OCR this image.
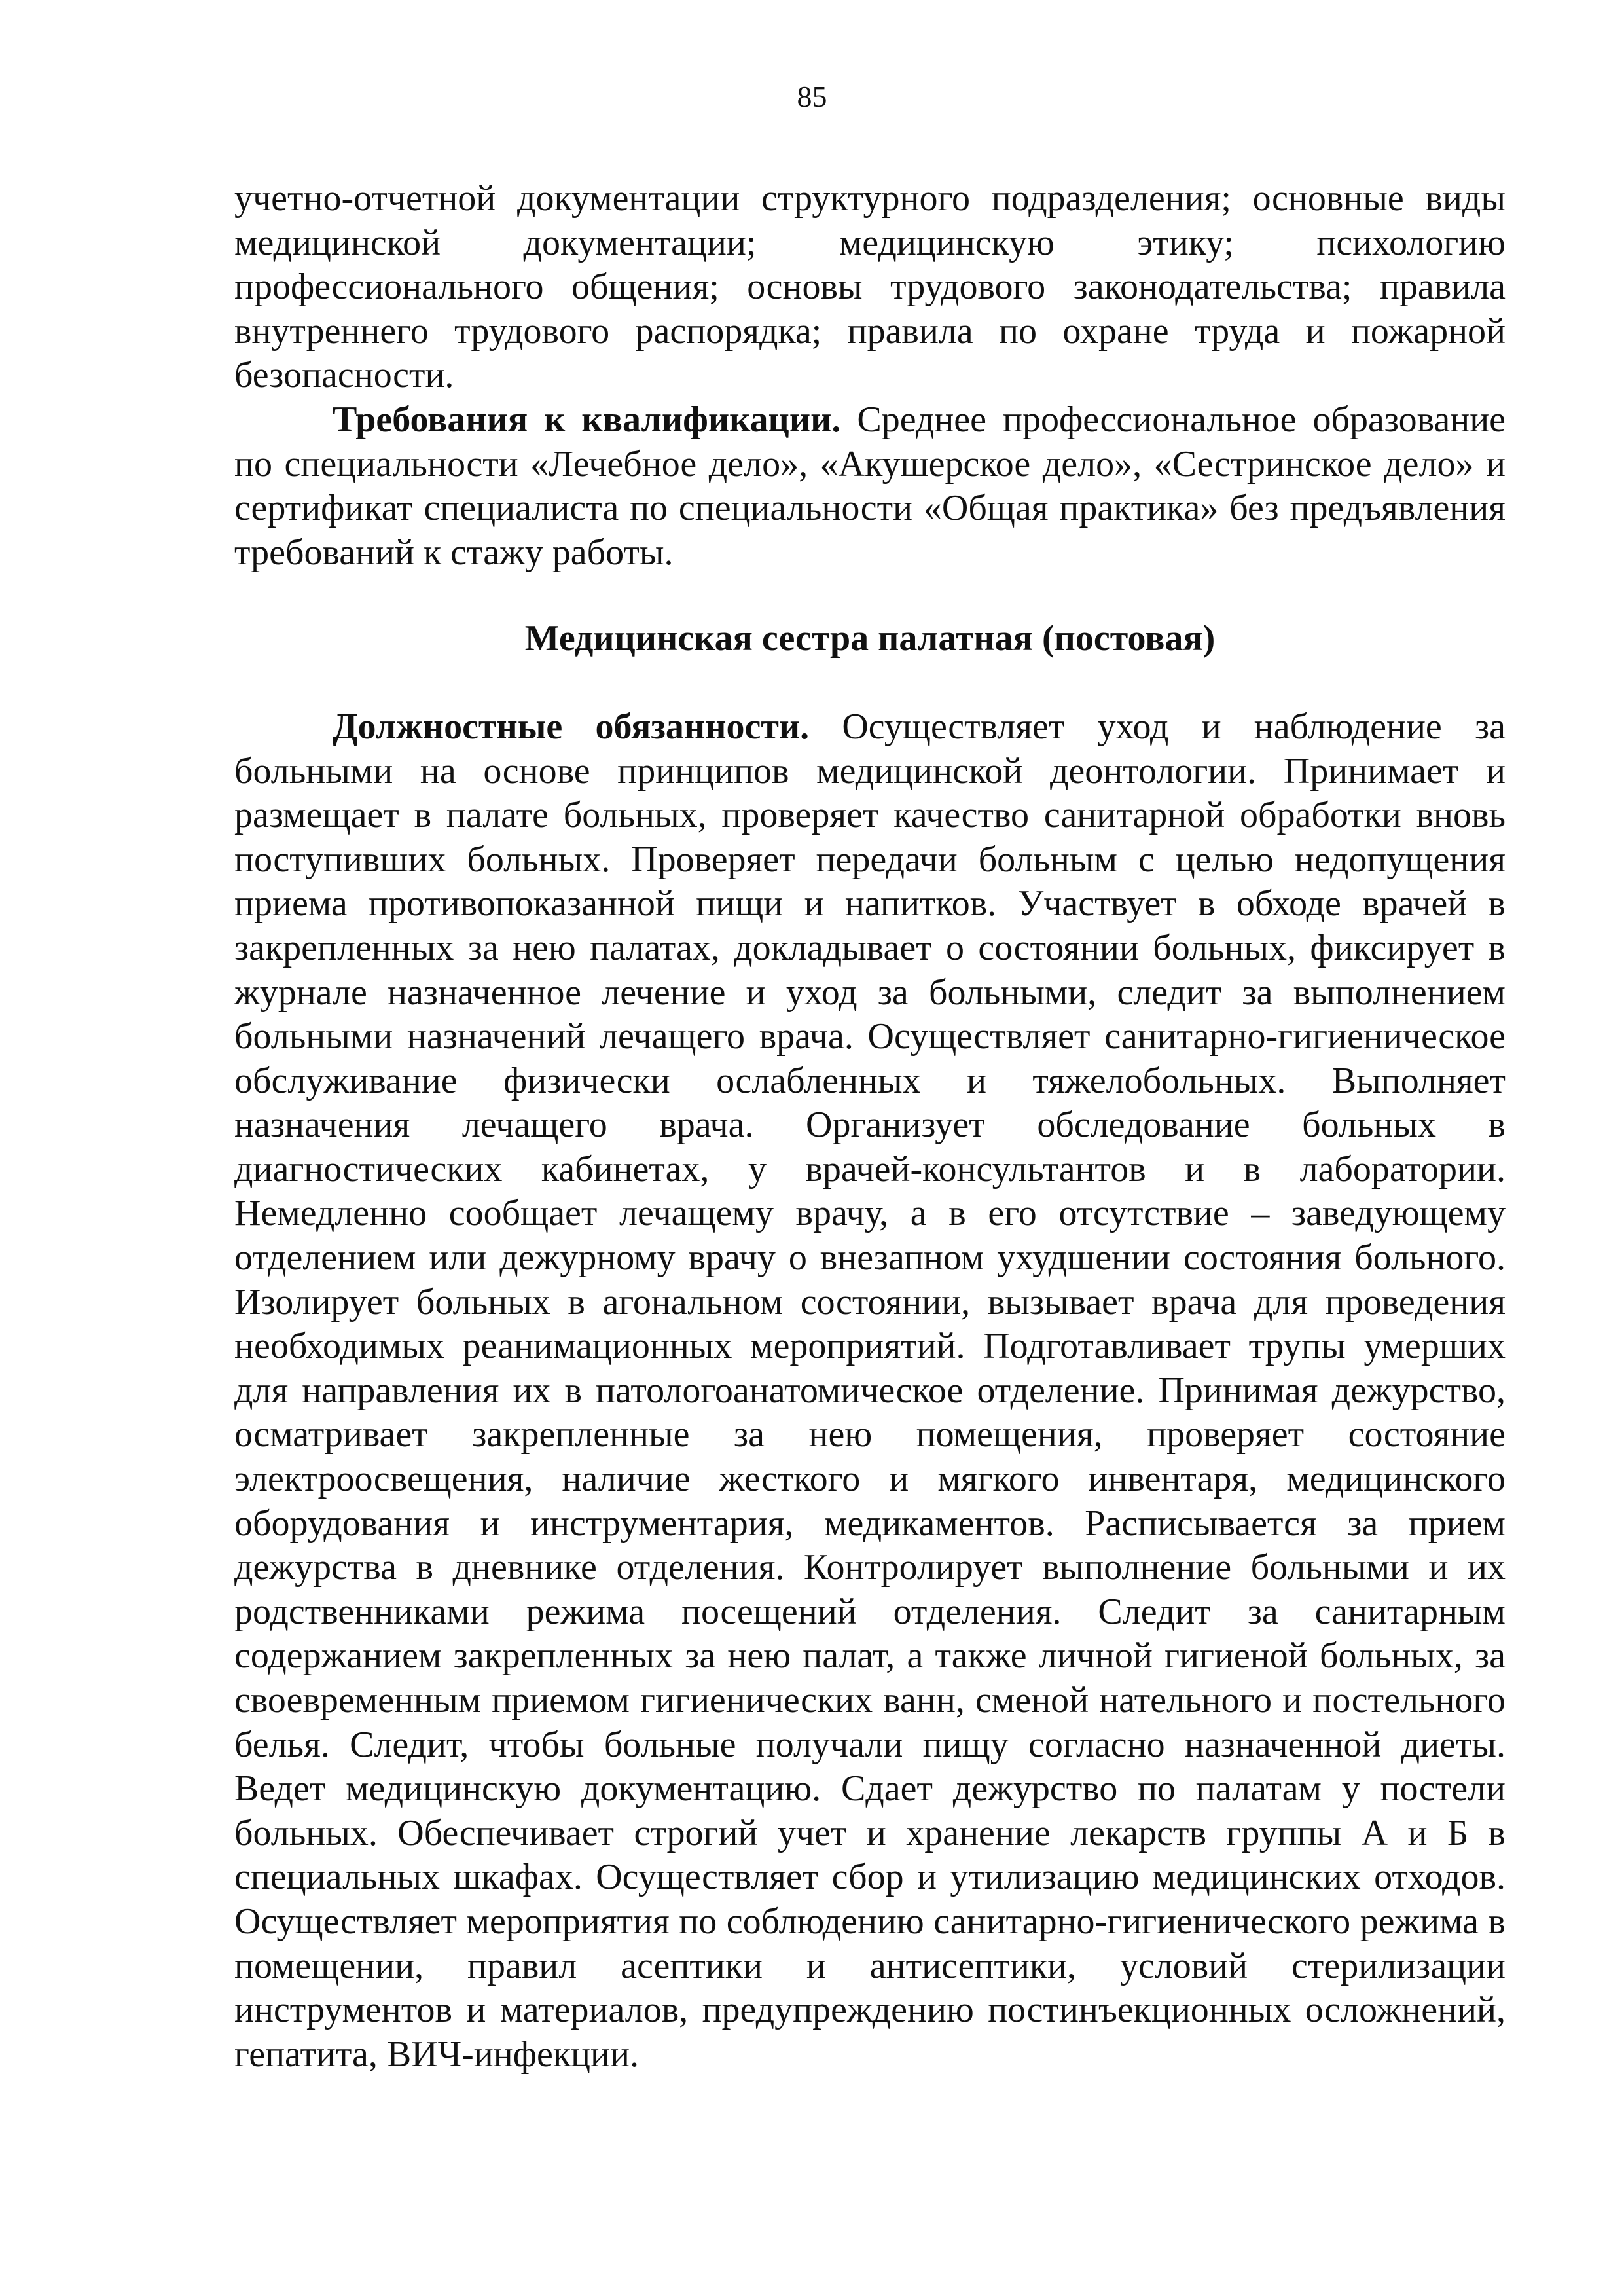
85

учетно-отчетной документации структурного подразделения; основные виды медицинской документации; медицинскую этику; психологию профессионального общения; основы трудового законодательства; правила внутреннего трудового распорядка; правила по охране труда и пожарной безопасности.

Требования к квалификации. Среднее профессиональное образование по специальности «Лечебное дело», «Акушерское дело», «Сестринское дело» и сертификат специалиста по специальности «Общая практика» без предъявления требований к стажу работы.

Медицинская сестра палатная (постовая)

Должностные обязанности. Осуществляет уход и наблюдение за больными на основе принципов медицинской деонтологии. Принимает и размещает в палате больных, проверяет качество санитарной обработки вновь поступивших больных. Проверяет передачи больным с целью недопущения приема противопоказанной пищи и напитков. Участвует в обходе врачей в закрепленных за нею палатах, докладывает о состоянии больных, фиксирует в журнале назначенное лечение и уход за больными, следит за выполнением больными назначений лечащего врача. Осуществляет санитарно-гигиеническое обслуживание физически ослабленных и тяжелобольных. Выполняет назначения лечащего врача. Организует обследование больных в диагностических кабинетах, у врачей-консультантов и в лаборатории. Немедленно сообщает лечащему врачу, а в его отсутствие – заведующему отделением или дежурному врачу о внезапном ухудшении состояния больного. Изолирует больных в агональном состоянии, вызывает врача для проведения необходимых реанимационных мероприятий. Подготавливает трупы умерших для направления их в патологоанатомическое отделение. Принимая дежурство, осматривает закрепленные за нею помещения, проверяет состояние электроосвещения, наличие жесткого и мягкого инвентаря, медицинского оборудования и инструментария, медикаментов. Расписывается за прием дежурства в дневнике отделения. Контролирует выполнение больными и их родственниками режима посещений отделения. Следит за санитарным содержанием закрепленных за нею палат, а также личной гигиеной больных, за своевременным приемом гигиенических ванн, сменой нательного и постельного белья. Следит, чтобы больные получали пищу согласно назначенной диеты. Ведет медицинскую документацию. Сдает дежурство по палатам у постели больных. Обеспечивает строгий учет и хранение лекарств группы А и Б в специальных шкафах. Осуществляет сбор и утилизацию медицинских отходов. Осуществляет мероприятия по соблюдению санитарно-гигиенического режима в помещении, правил асептики и антисептики, условий стерилизации инструментов и материалов, предупреждению постинъекционных осложнений, гепатита, ВИЧ-инфекции.
